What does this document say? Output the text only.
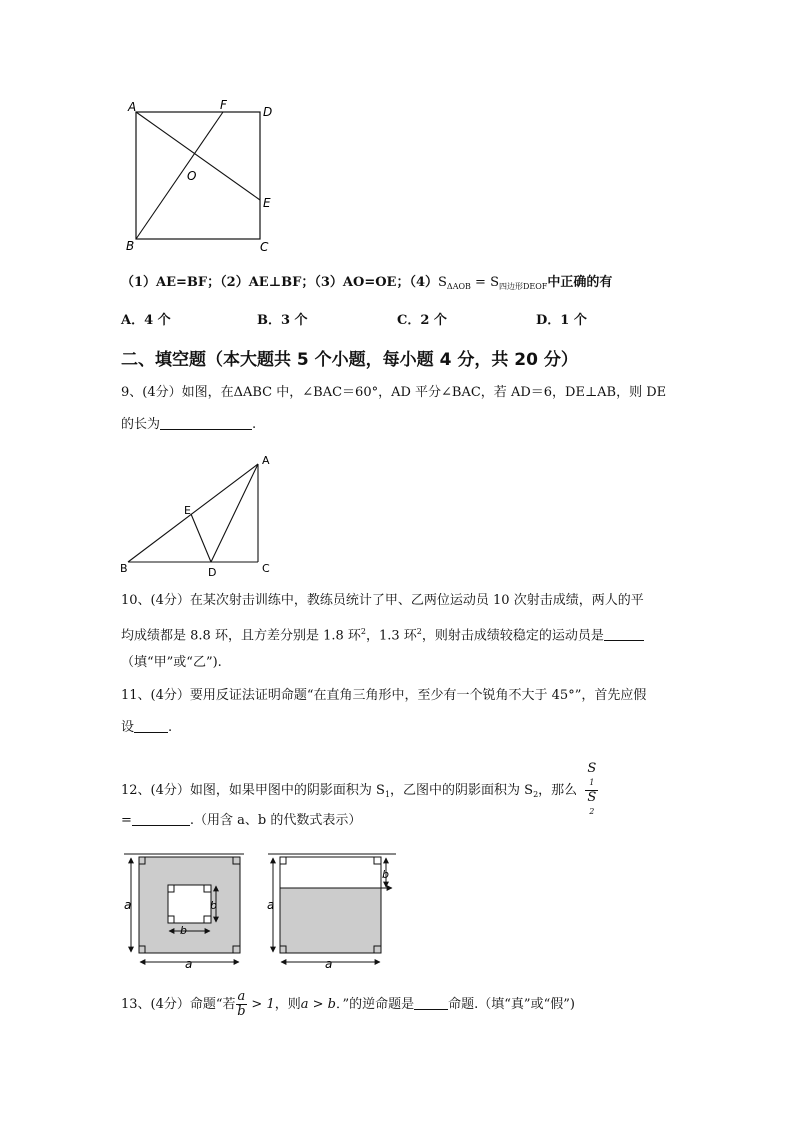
A	F	D
O
E
B	C
（1）AE=BF；（2）AE⊥BF；（3）AO=OE；$(4)S_{\Delta AOB} = S_{四边形DEOF}$中正确的有
A．4 个	B．3 个	C．2 个	D．1 个
二、填空题（本大题共 5 个小题，每小题 4 分，共 20 分）
9、(4分）如图，在ΔABC 中，∠BAC＝60°，AD 平分∠BAC，若 AD＝6，DE⊥AB，则 DE
的长为	.
A
E
B	D	C
10、(4分）在某次射击训练中，教练员统计了甲、乙两位运动员 10 次射击成绩，两人的平
均成绩都是 8.8 环，且方差分别是 1.8 环$^2$，1.3 环$^2$，则射击成绩较稳定的运动员是
（填“甲”或“乙”).
11、(4分）要用反证法证明命题“在直角三角形中，至少有一个锐角不大于 45°”，首先应假
设	.
12、(4分）如图，如果甲图中的阴影面积为 $S_1$，乙图中的阴影面积为 $S_2$，那么 S
1
S
2
=	.（用含 a、b 的代数式表示）
a
a
b
b	a
a
b
13、(4分）命题“若 $\frac{a}{b} > 1$，则a > b．”的逆命题是	命题.（填“真”或“假”)
